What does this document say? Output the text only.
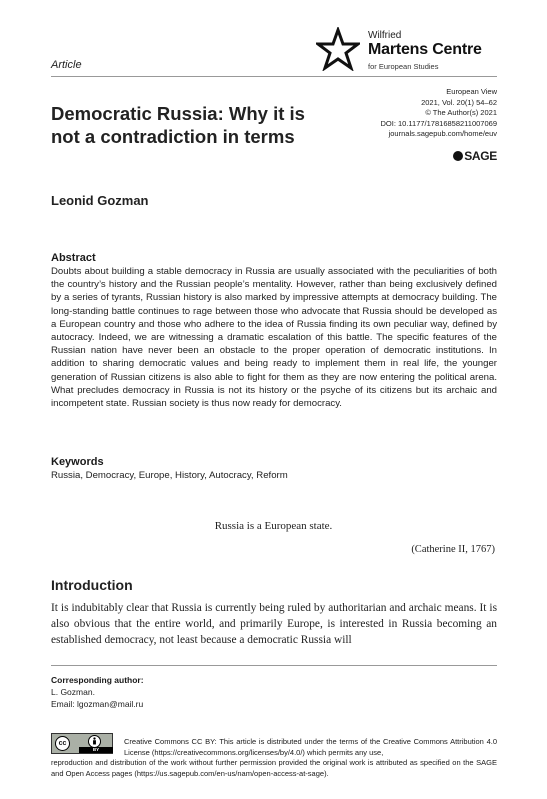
Article
Wilfried
Martens Centre
for European Studies
Democratic Russia: Why it is
not a contradiction in terms
European View
2021, Vol. 20(1) 54–62
© The Author(s) 2021
DOI: 10.1177/17816858211007069
journals.sagepub.com/home/euv
SAGE
Leonid Gozman
Abstract
Doubts about building a stable democracy in Russia are usually associated with the peculiarities of both the country’s history and the Russian people’s mentality. However, rather than being exclusively defined by a series of tyrants, Russian history is also marked by impressive attempts at democracy building. The long-standing battle continues to rage between those who advocate that Russia should be developed as a European country and those who adhere to the idea of Russia finding its own peculiar way, defined by autocracy. Indeed, we are witnessing a dramatic escalation of this battle. The specific features of the Russian nation have never been an obstacle to the proper operation of democratic institutions. In addition to sharing democratic values and being ready to implement them in real life, the younger generation of Russian citizens is also able to fight for them as they are now entering the political arena. What precludes democracy in Russia is not its history or the psyche of its citizens but its archaic and incompetent state. Russian society is thus now ready for democracy.
Keywords
Russia, Democracy, Europe, History, Autocracy, Reform
Russia is a European state.
(Catherine II, 1767)
Introduction
It is indubitably clear that Russia is currently being ruled by authoritarian and archaic means. It is also obvious that the entire world, and primarily Europe, is interested in Russia becoming an established democracy, not least because a democratic Russia will
Corresponding author:
L. Gozman.
Email: lgozman@mail.ru
cc
BY
Creative Commons CC BY: This article is distributed under the terms of the Creative Commons Attribution 4.0 License (https://creativecommons.org/licenses/by/4.0/) which permits any use,
reproduction and distribution of the work without further permission provided the original work is attributed as specified on the SAGE and Open Access pages (https://us.sagepub.com/en-us/nam/open-access-at-sage).
